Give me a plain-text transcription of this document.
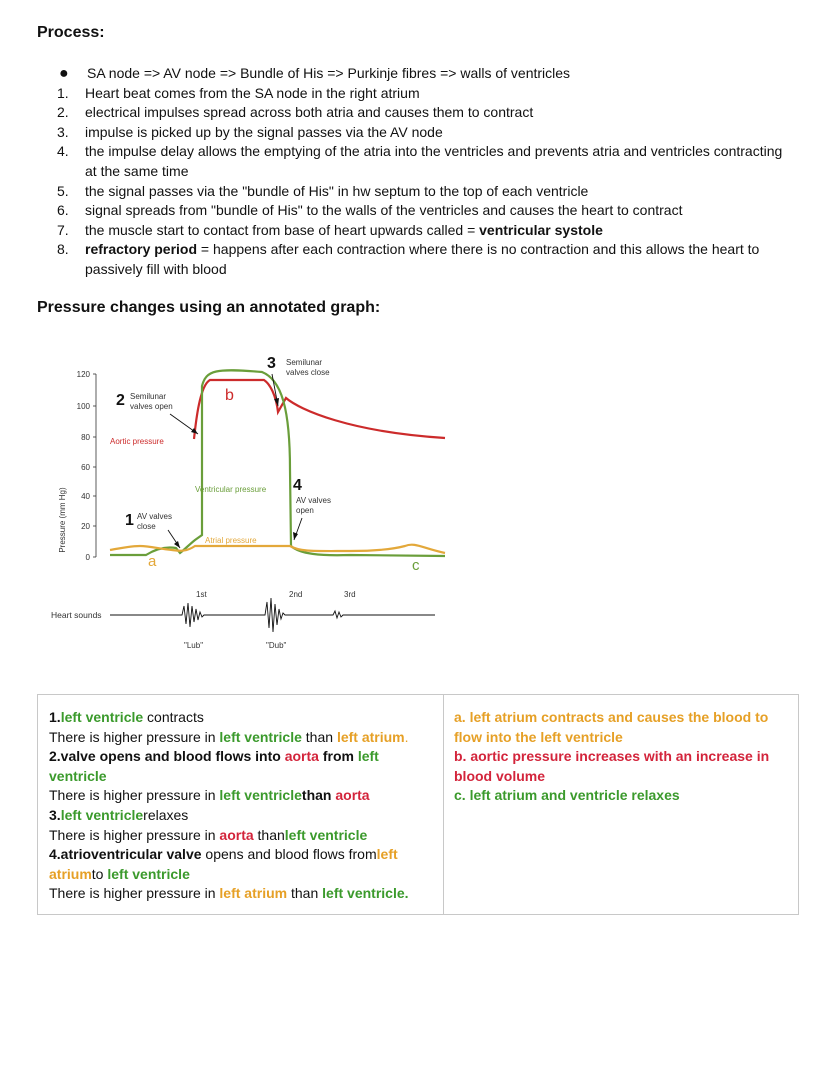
Process:
●	SA node => AV node => Bundle of His => Purkinje fibres => walls of ventricles
1.	Heart beat comes from the SA node in the right atrium
2.	electrical impulses spread across both atria and causes them to contract
3.	impulse is picked up by the signal passes via the AV node
4.	the impulse delay allows the emptying of the atria into the ventricles and prevents atria and ventricles contracting at the same time
5.	the signal passes via the "bundle of His" in hw septum to the top of each ventricle
6.	signal spreads from "bundle of His" to the walls of the ventricles and causes the heart to contract
7.	the muscle start to contact from base of heart upwards called = ventricular systole
8.	refractory period = happens after each contraction where there is no contraction and this allows the heart to passively fill with blood
Pressure changes using an annotated graph:
Pressure (mm Hg)
120
100
80
60
40
20
0
Aortic pressure
Ventricular pressure
Atrial pressure
a
b
c
1 AV valves
close
2 Semilunar
valves open
3 Semilunar
valves close
4
AV valves
open
Heart sounds
1st	2nd	3rd
"Lub"	"Dub"
1.left ventricle contracts
There is higher pressure in left ventricle than left atrium.
2.valve opens and blood flows into aorta from left ventricle
There is higher pressure in left ventriclethan aorta
3.left ventriclerelaxes
There is higher pressure in aorta thanleft ventricle
4.atrioventricular valve opens and blood flows fromleft atriumto left ventricle
There is higher pressure in left atrium than left ventricle.
a. left atrium contracts and causes the blood to flow into the left ventricle
b. aortic pressure increases with an increase in blood volume
c. left atrium and ventricle relaxes
